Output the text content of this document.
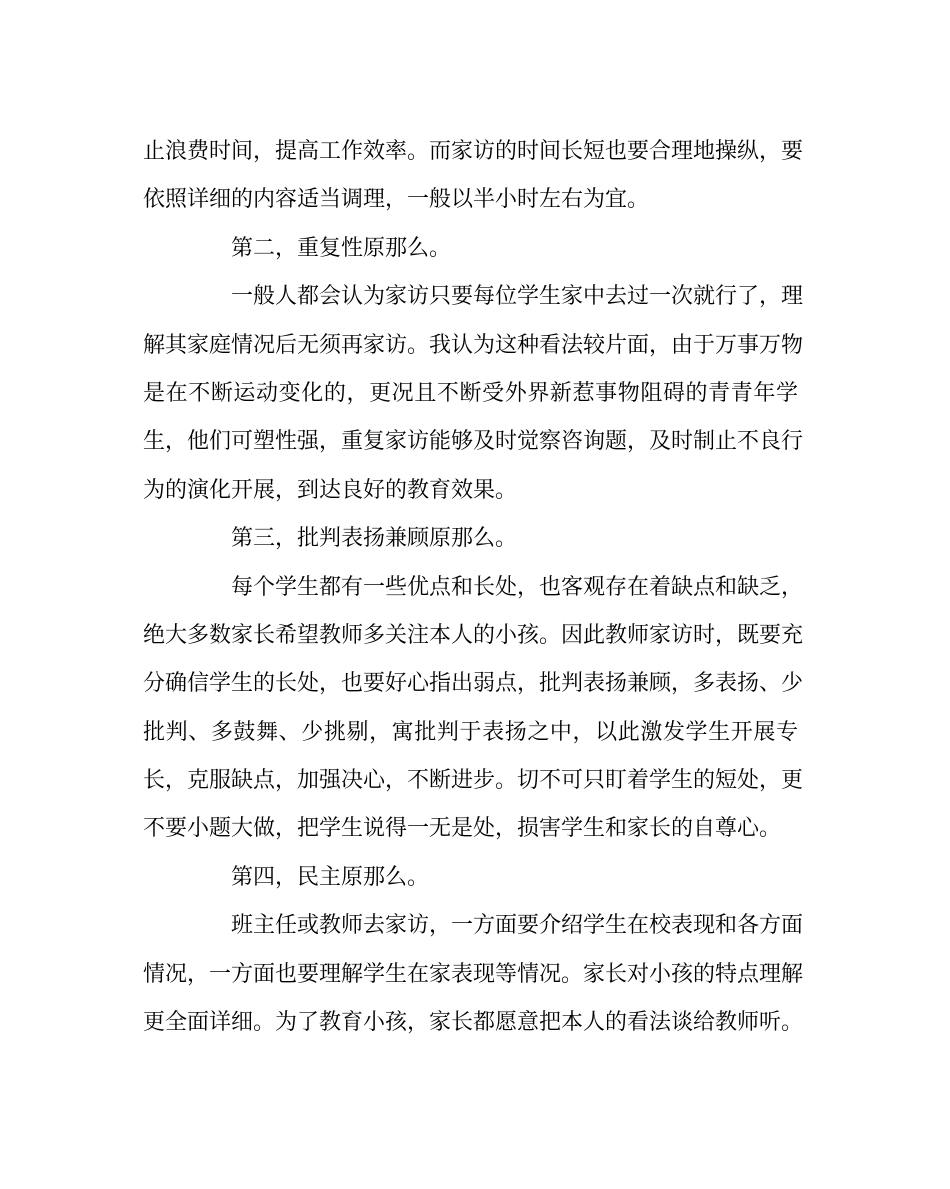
止浪费时间，提高工作效率。而家访的时间长短也要合理地操纵，要
依照详细的内容适当调理，一般以半小时左右为宜。
第二，重复性原那么。
一般人都会认为家访只要每位学生家中去过一次就行了，理
解其家庭情况后无须再家访。我认为这种看法较片面，由于万事万物
是在不断运动变化的，更况且不断受外界新惹事物阻碍的青青年学
生，他们可塑性强，重复家访能够及时觉察咨询题，及时制止不良行
为的演化开展，到达良好的教育效果。
第三，批判表扬兼顾原那么。
每个学生都有一些优点和长处，也客观存在着缺点和缺乏，
绝大多数家长希望教师多关注本人的小孩。因此教师家访时，既要充
分确信学生的长处，也要好心指出弱点，批判表扬兼顾，多表扬、少
批判、多鼓舞、少挑剔，寓批判于表扬之中，以此激发学生开展专
长，克服缺点，加强决心，不断进步。切不可只盯着学生的短处，更
不要小题大做，把学生说得一无是处，损害学生和家长的自尊心。
第四，民主原那么。
班主任或教师去家访，一方面要介绍学生在校表现和各方面
情况，一方面也要理解学生在家表现等情况。家长对小孩的特点理解
更全面详细。为了教育小孩，家长都愿意把本人的看法谈给教师听。
